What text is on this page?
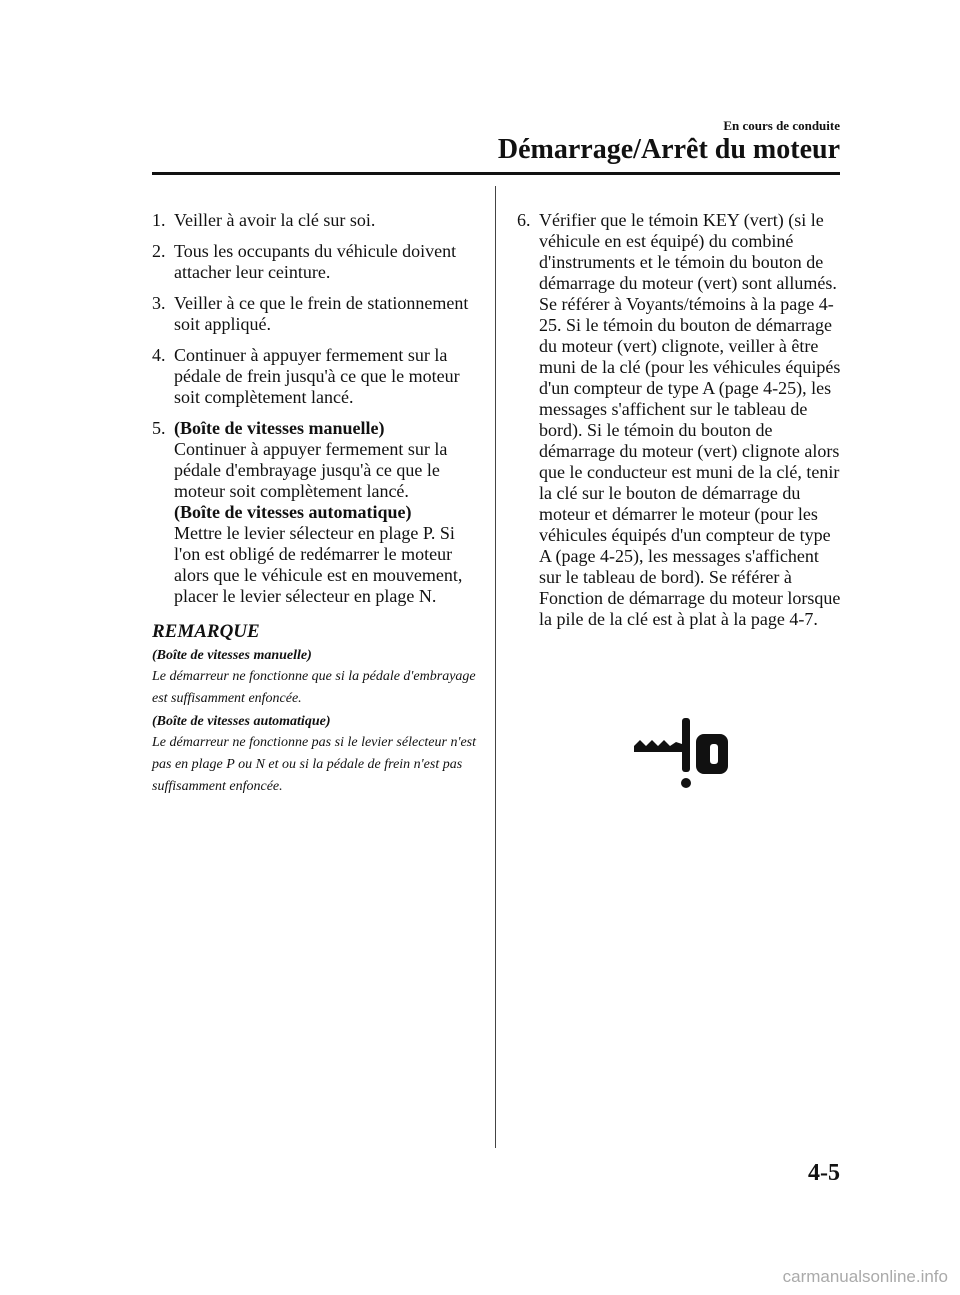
En cours de conduite
Démarrage/Arrêt du moteur
1. Veiller à avoir la clé sur soi.
2. Tous les occupants du véhicule doivent attacher leur ceinture.
3. Veiller à ce que le frein de stationnement soit appliqué.
4. Continuer à appuyer fermement sur la pédale de frein jusqu'à ce que le moteur soit complètement lancé.
5. (Boîte de vitesses manuelle)
Continuer à appuyer fermement sur la pédale d'embrayage jusqu'à ce que le moteur soit complètement lancé.
(Boîte de vitesses automatique)
Mettre le levier sélecteur en plage P. Si l'on est obligé de redémarrer le moteur alors que le véhicule est en mouvement, placer le levier sélecteur en plage N.
REMARQUE
(Boîte de vitesses manuelle)
Le démarreur ne fonctionne que si la pédale d'embrayage est suffisamment enfoncée.
(Boîte de vitesses automatique)
Le démarreur ne fonctionne pas si le levier sélecteur n'est pas en plage P ou N et ou si la pédale de frein n'est pas suffisamment enfoncée.
6. Vérifier que le témoin KEY (vert) (si le véhicule en est équipé) du combiné d'instruments et le témoin du bouton de démarrage du moteur (vert) sont allumés. Se référer à Voyants/témoins à la page 4-25. Si le témoin du bouton de démarrage du moteur (vert) clignote, veiller à être muni de la clé (pour les véhicules équipés d'un compteur de type A (page 4-25), les messages s'affichent sur le tableau de bord). Si le témoin du bouton de démarrage du moteur (vert) clignote alors que le conducteur est muni de la clé, tenir la clé sur le bouton de démarrage du moteur et démarrer le moteur (pour les véhicules équipés d'un compteur de type A (page 4-25), les messages s'affichent sur le tableau de bord). Se référer à Fonction de démarrage du moteur lorsque la pile de la clé est à plat à la page 4-7.
4-5
carmanualsonline.info
